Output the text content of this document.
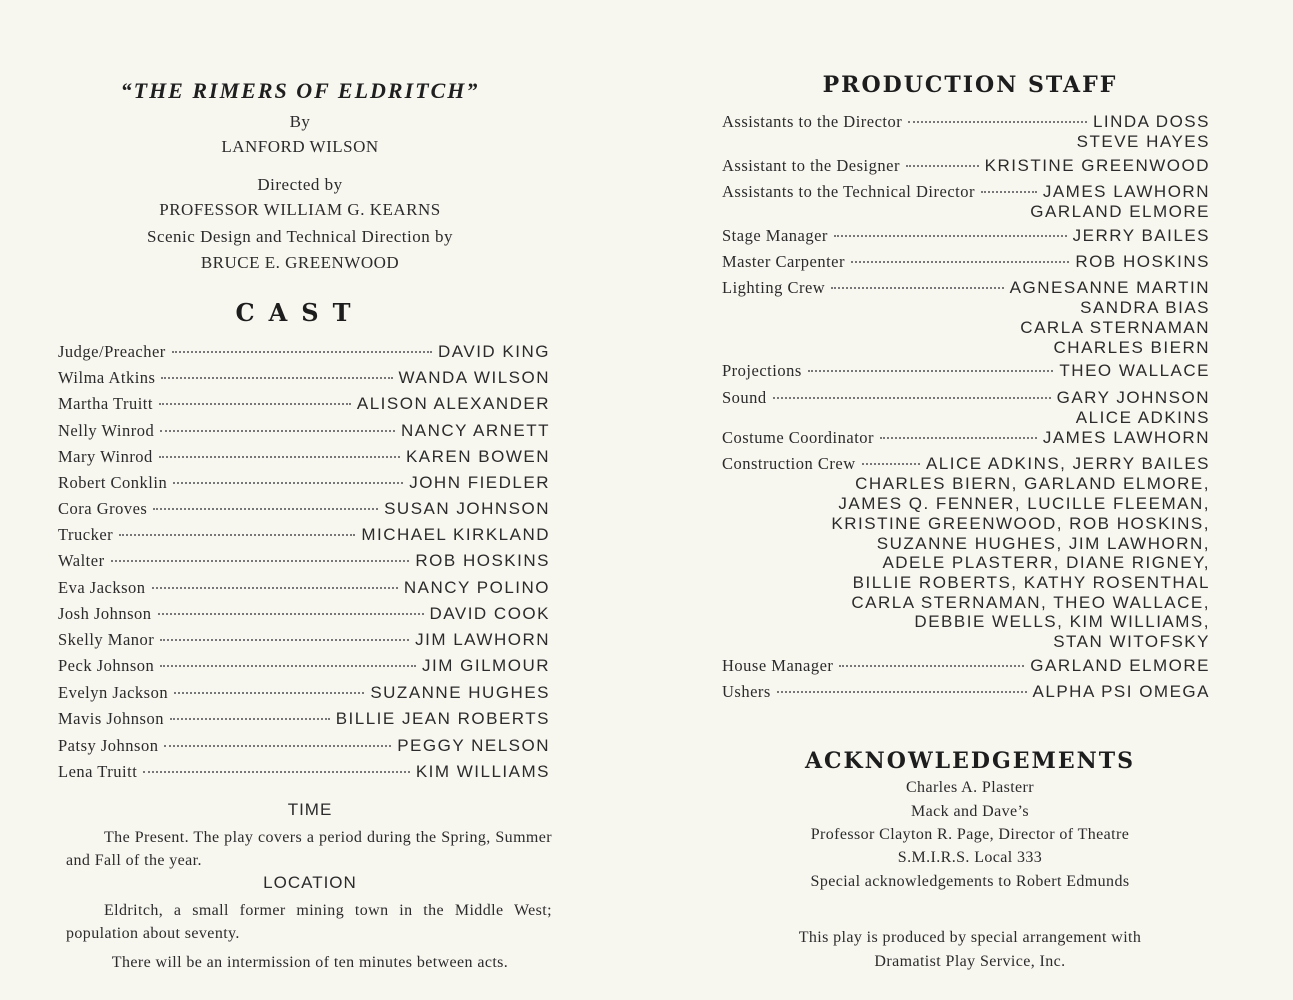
“THE RIMERS OF ELDRITCH”
By
LANFORD WILSON
Directed by
PROFESSOR WILLIAM G. KEARNS
Scenic Design and Technical Direction by
BRUCE E. GREENWOOD
CAST
Judge/Preacher	DAVID KING
Wilma Atkins	WANDA WILSON
Martha Truitt	ALISON ALEXANDER
Nelly Winrod	NANCY ARNETT
Mary Winrod	KAREN BOWEN
Robert Conklin	JOHN FIEDLER
Cora Groves	SUSAN JOHNSON
Trucker	MICHAEL KIRKLAND
Walter	ROB HOSKINS
Eva Jackson	NANCY POLINO
Josh Johnson	DAVID COOK
Skelly Manor	JIM LAWHORN
Peck Johnson	JIM GILMOUR
Evelyn Jackson	SUZANNE HUGHES
Mavis Johnson	BILLIE JEAN ROBERTS
Patsy Johnson	PEGGY NELSON
Lena Truitt	KIM WILLIAMS
TIME
The Present. The play covers a period during the Spring, Summer and Fall of the year.
LOCATION
Eldritch, a small former mining town in the Middle West; population about seventy.
There will be an intermission of ten minutes between acts.
PRODUCTION STAFF
Assistants to the Director	LINDA DOSS
STEVE HAYES
Assistant to the Designer	KRISTINE GREENWOOD
Assistants to the Technical Director	JAMES LAWHORN
GARLAND ELMORE
Stage Manager	JERRY BAILES
Master Carpenter	ROB HOSKINS
Lighting Crew	AGNESANNE MARTIN
SANDRA BIAS
CARLA STERNAMAN
CHARLES BIERN
Projections	THEO WALLACE
Sound	GARY JOHNSON
ALICE ADKINS
Costume Coordinator	JAMES LAWHORN
Construction Crew	ALICE ADKINS, JERRY BAILES
CHARLES BIERN, GARLAND ELMORE,
JAMES Q. FENNER, LUCILLE FLEEMAN,
KRISTINE GREENWOOD, ROB HOSKINS,
SUZANNE HUGHES, JIM LAWHORN,
ADELE PLASTERR, DIANE RIGNEY,
BILLIE ROBERTS, KATHY ROSENTHAL
CARLA STERNAMAN, THEO WALLACE,
DEBBIE WELLS, KIM WILLIAMS,
STAN WITOFSKY
House Manager	GARLAND ELMORE
Ushers	ALPHA PSI OMEGA
ACKNOWLEDGEMENTS
Charles A. Plasterr
Mack and Dave’s
Professor Clayton R. Page, Director of Theatre
S.M.I.R.S. Local 333
Special acknowledgements to Robert Edmunds
This play is produced by special arrangement with
Dramatist Play Service, Inc.
